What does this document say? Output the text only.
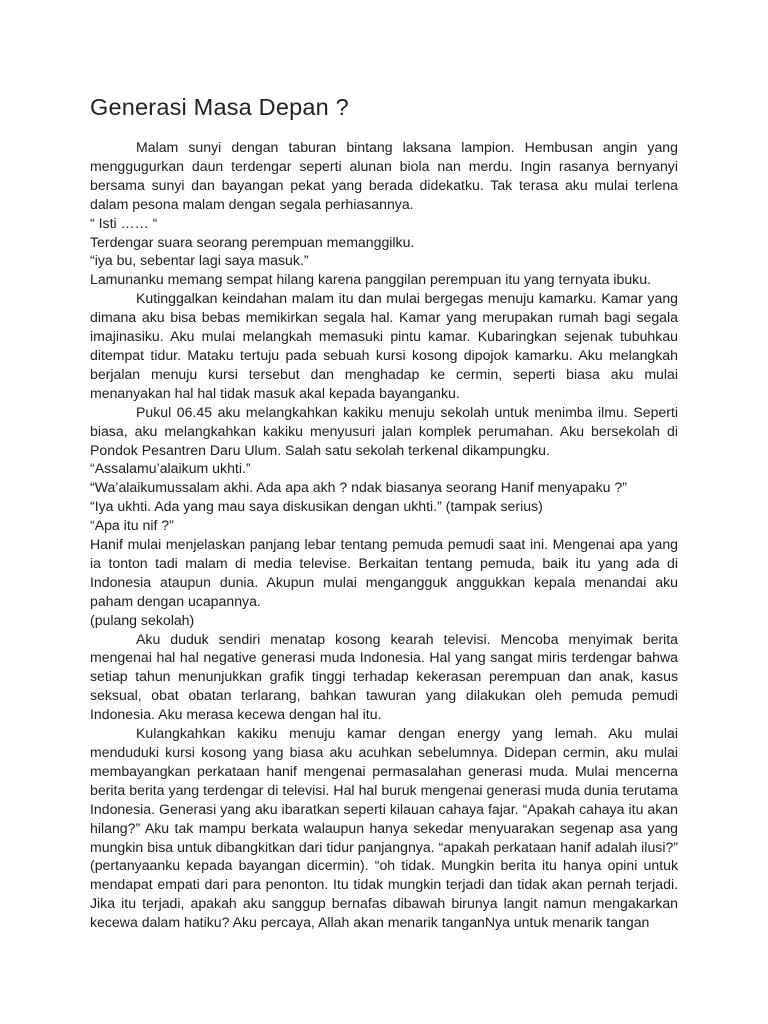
Generasi Masa Depan ?

Malam sunyi dengan taburan bintang laksana lampion. Hembusan angin yang menggugurkan daun terdengar seperti alunan biola nan merdu. Ingin rasanya bernyanyi bersama sunyi dan bayangan pekat yang berada didekatku. Tak terasa aku mulai terlena dalam pesona malam dengan segala perhiasannya.

“ Isti …… “

Terdengar suara seorang perempuan memanggilku.

“iya bu, sebentar lagi saya masuk.”

Lamunanku memang sempat hilang karena panggilan perempuan itu yang ternyata ibuku.

Kutinggalkan keindahan malam itu dan mulai bergegas menuju kamarku. Kamar yang dimana aku bisa bebas memikirkan segala hal. Kamar yang merupakan rumah bagi segala imajinasiku. Aku mulai melangkah memasuki pintu kamar. Kubaringkan sejenak tubuhkau ditempat tidur. Mataku tertuju pada sebuah kursi kosong dipojok kamarku. Aku melangkah berjalan menuju kursi tersebut dan menghadap ke cermin, seperti biasa aku mulai menanyakan hal hal tidak masuk akal kepada bayanganku.

Pukul 06.45 aku melangkahkan kakiku menuju sekolah untuk menimba ilmu. Seperti biasa, aku melangkahkan kakiku menyusuri jalan komplek perumahan. Aku bersekolah di Pondok Pesantren Daru Ulum. Salah satu sekolah terkenal dikampungku.

“Assalamu’alaikum ukhti.”

“Wa’alaikumussalam akhi. Ada apa akh ? ndak biasanya seorang Hanif menyapaku ?”

“Iya ukhti. Ada yang mau saya diskusikan dengan ukhti.” (tampak serius)

“Apa itu nif ?”

Hanif mulai menjelaskan panjang lebar tentang pemuda pemudi saat ini. Mengenai apa yang ia tonton tadi malam di media televise. Berkaitan tentang pemuda, baik itu yang ada di Indonesia ataupun dunia. Akupun mulai mengangguk anggukkan kepala menandai aku paham dengan ucapannya.

(pulang sekolah)

Aku duduk sendiri menatap kosong kearah televisi. Mencoba menyimak berita mengenai hal hal negative generasi muda Indonesia. Hal yang sangat miris terdengar bahwa setiap tahun menunjukkan grafik tinggi terhadap kekerasan perempuan dan anak, kasus seksual, obat obatan terlarang, bahkan tawuran yang dilakukan oleh pemuda pemudi Indonesia. Aku merasa kecewa dengan hal itu.

Kulangkahkan kakiku menuju kamar dengan energy yang lemah. Aku mulai menduduki kursi kosong yang biasa aku acuhkan sebelumnya. Didepan cermin, aku mulai membayangkan perkataan hanif mengenai permasalahan generasi muda. Mulai mencerna berita berita yang terdengar di televisi. Hal hal buruk mengenai generasi muda dunia terutama Indonesia. Generasi yang aku ibaratkan seperti kilauan cahaya fajar. “Apakah cahaya itu akan hilang?” Aku tak mampu berkata walaupun hanya sekedar menyuarakan segenap asa yang mungkin bisa untuk dibangkitkan dari tidur panjangnya. “apakah perkataan hanif adalah ilusi?” (pertanyaanku kepada bayangan dicermin). “oh tidak. Mungkin berita itu hanya opini untuk mendapat empati dari para penonton. Itu tidak mungkin terjadi dan tidak akan pernah terjadi. Jika itu terjadi, apakah aku sanggup bernafas dibawah birunya langit namun mengakarkan kecewa dalam hatiku? Aku percaya, Allah akan menarik tanganNya untuk menarik tangan
